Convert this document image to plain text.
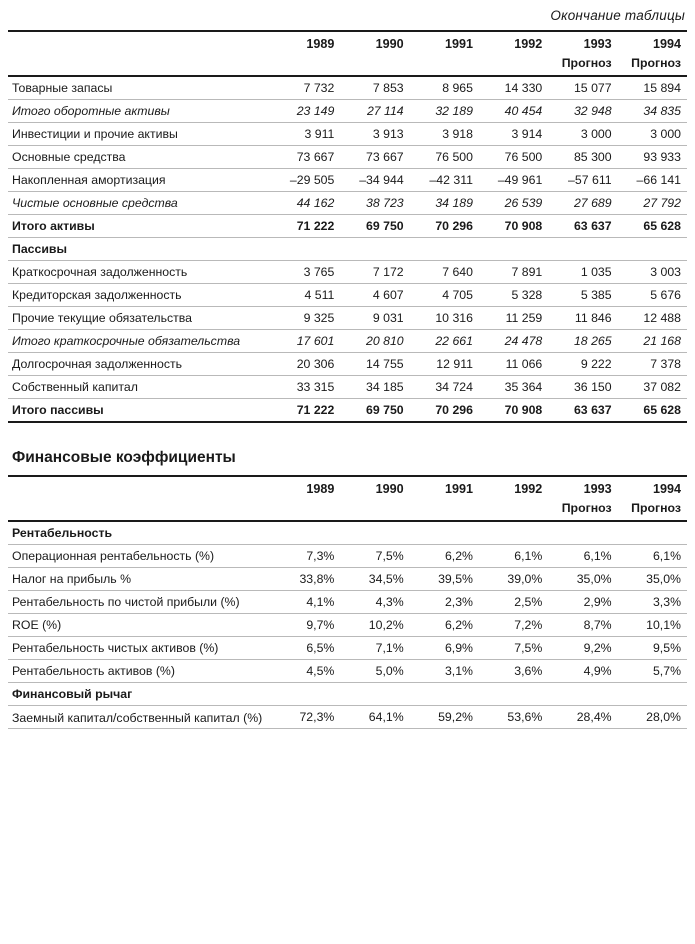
Окончание таблицы
	1989	1990	1991	1992	1993	1994
					Прогноз	Прогноз
Товарные запасы	7 732	7 853	8 965	14 330	15 077	15 894
Итого оборотные активы	23 149	27 114	32 189	40 454	32 948	34 835
Инвестиции и прочие активы	3 911	3 913	3 918	3 914	3 000	3 000
Основные средства	73 667	73 667	76 500	76 500	85 300	93 933
Накопленная амортизация	–29 505	–34 944	–42 311	–49 961	–57 611	–66 141
Чистые основные средства	44 162	38 723	34 189	26 539	27 689	27 792
Итого активы	71 222	69 750	70 296	70 908	63 637	65 628
Пассивы						
Краткосрочная задолженность	3 765	7 172	7 640	7 891	1 035	3 003
Кредиторская задолженность	4 511	4 607	4 705	5 328	5 385	5 676
Прочие текущие обязательства	9 325	9 031	10 316	11 259	11 846	12 488
Итого краткосрочные обязательства	17 601	20 810	22 661	24 478	18 265	21 168
Долгосрочная задолженность	20 306	14 755	12 911	11 066	9 222	7 378
Собственный капитал	33 315	34 185	34 724	35 364	36 150	37 082
Итого пассивы	71 222	69 750	70 296	70 908	63 637	65 628
Финансовые коэффициенты
	1989	1990	1991	1992	1993	1994
					Прогноз	Прогноз
Рентабельность						
Операционная рентабельность (%)	7,3%	7,5%	6,2%	6,1%	6,1%	6,1%
Налог на прибыль %	33,8%	34,5%	39,5%	39,0%	35,0%	35,0%
Рентабельность по чистой прибыли (%)	4,1%	4,3%	2,3%	2,5%	2,9%	3,3%
ROE (%)	9,7%	10,2%	6,2%	7,2%	8,7%	10,1%
Рентабельность чистых активов (%)	6,5%	7,1%	6,9%	7,5%	9,2%	9,5%
Рентабельность активов (%)	4,5%	5,0%	3,1%	3,6%	4,9%	5,7%
Финансовый рычаг						
Заемный капитал/собственный капитал (%)	72,3%	64,1%	59,2%	53,6%	28,4%	28,0%
